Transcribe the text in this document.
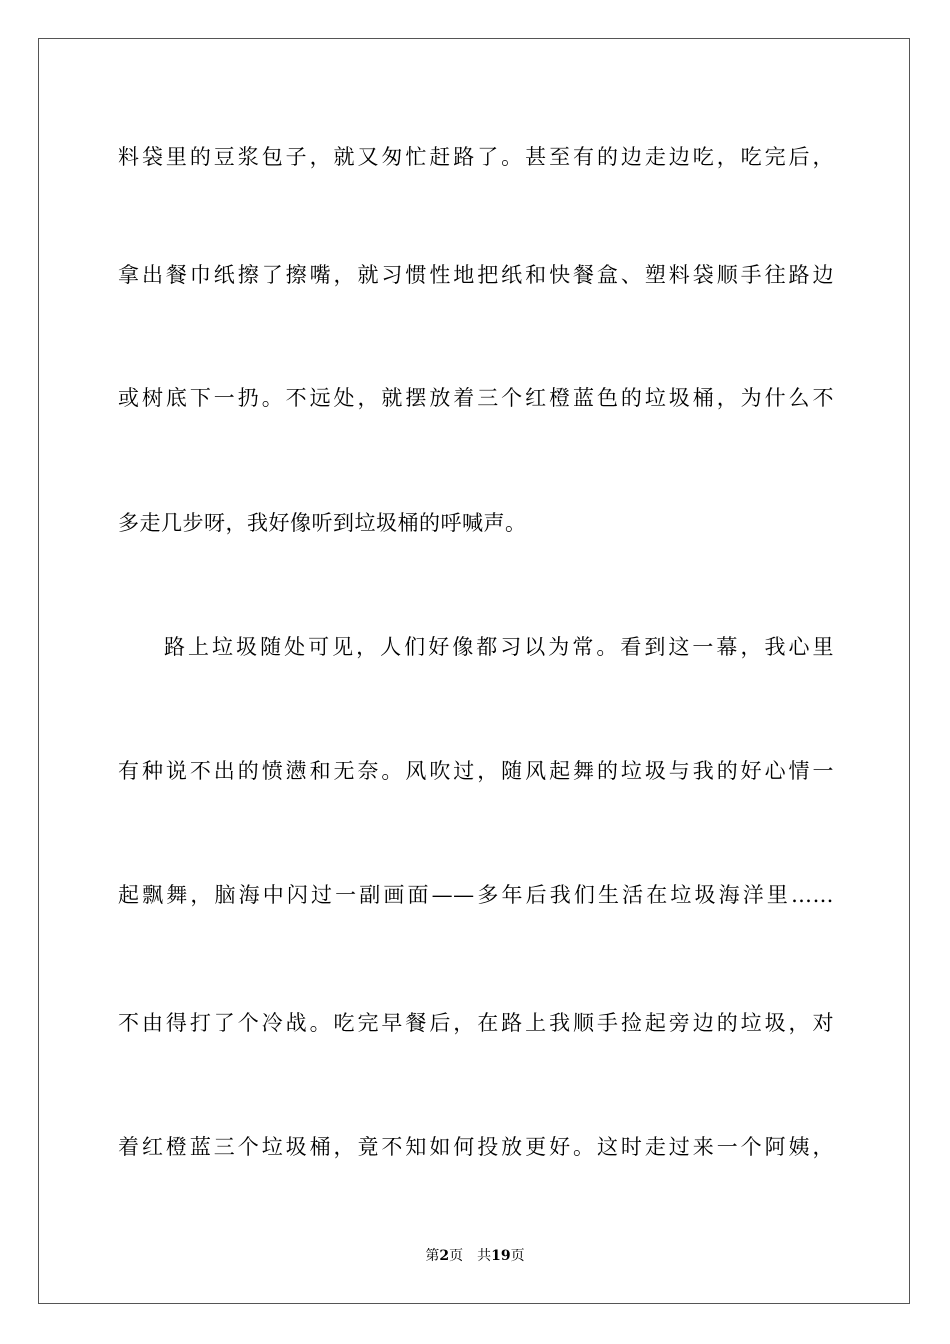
料袋里的豆浆包子，就又匆忙赶路了。甚至有的边走边吃，吃完后，
拿出餐巾纸擦了擦嘴，就习惯性地把纸和快餐盒、塑料袋顺手往路边
或树底下一扔。不远处，就摆放着三个红橙蓝色的垃圾桶，为什么不
多走几步呀，我好像听到垃圾桶的呼喊声。
路上垃圾随处可见，人们好像都习以为常。看到这一幕，我心里
有种说不出的愤懑和无奈。风吹过，随风起舞的垃圾与我的好心情一
起飘舞，脑海中闪过一副画面——多年后我们生活在垃圾海洋里……
不由得打了个冷战。吃完早餐后，在路上我顺手捡起旁边的垃圾，对
着红橙蓝三个垃圾桶，竟不知如何投放更好。这时走过来一个阿姨，
第2页 共19页
